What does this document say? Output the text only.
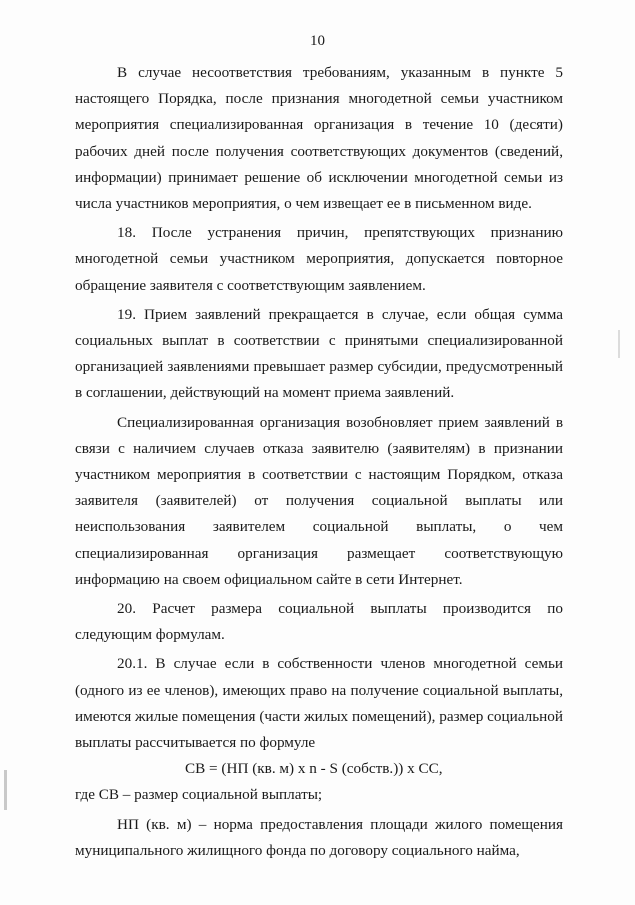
10

В случае несоответствия требованиям, указанным в пункте 5 настоящего Порядка, после признания многодетной семьи участником мероприятия специализированная организация в течение 10 (десяти) рабочих дней после получения соответствующих документов (сведений, информации) принимает решение об исключении многодетной семьи из числа участников мероприятия, о чем извещает ее в письменном виде.

18. После устранения причин, препятствующих признанию многодетной семьи участником мероприятия, допускается повторное обращение заявителя с соответствующим заявлением.

19. Прием заявлений прекращается в случае, если общая сумма социальных выплат в соответствии с принятыми специализированной организацией заявлениями превышает размер субсидии, предусмотренный в соглашении, действующий на момент приема заявлений.

Специализированная организация возобновляет прием заявлений в связи с наличием случаев отказа заявителю (заявителям) в признании участником мероприятия в соответствии с настоящим Порядком, отказа заявителя (заявителей) от получения социальной выплаты или неиспользования заявителем социальной выплаты, о чем специализированная организация размещает соответствующую информацию на своем официальном сайте в сети Интернет.

20. Расчет размера социальной выплаты производится по следующим формулам.

20.1. В случае если в собственности членов многодетной семьи (одного из ее членов), имеющих право на получение социальной выплаты, имеются жилые помещения (части жилых помещений), размер социальной выплаты рассчитывается по формуле

СВ = (НП (кв. м) x n - S (собств.)) x СС,

где СВ – размер социальной выплаты;

НП (кв. м) – норма предоставления площади жилого помещения муниципального жилищного фонда по договору социального найма,
